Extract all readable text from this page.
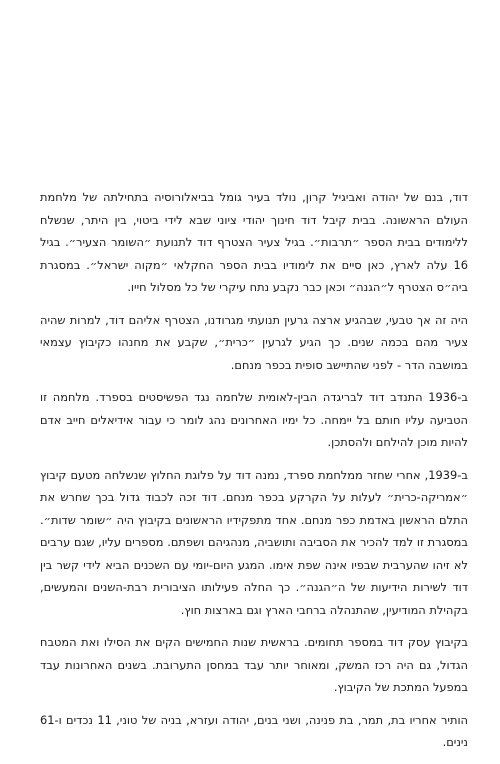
דוד, בנם של יהודה ואביגיל קרון, נולד בעיר גומל בביאלורוסיה בתחילתה של מלחמת העולם הראשונה. בבית קיבל דוד חינוך יהודי ציוני שבא לידי ביטוי, בין היתר, שנשלח ללימודים בבית הספר ״תרבות״. בגיל צעיר הצטרף דוד לתנועת ״השומר הצעיר״. בגיל 16 עלה לארץ, כאן סיים את לימודיו בבית הספר החקלאי ״מקוה ישראל״. במסגרת ביה״ס הצטרף ל״הגנה״ וכאן כבר נקבע נתח עיקרי של כל מסלול חייו.

היה זה אך טבעי, שבהגיע ארצה גרעין תנועתי מגרודנו, הצטרף אליהם דוד, למרות שהיה צעיר מהם בכמה שנים. כך הגיע לגרעין ״כרית״, שקבע את מחנהו כקיבוץ עצמאי במושבה הדר - לפני שהתיישב סופית בכפר מנחם.

ב-1936 התנדב דוד לבריגדה הבין-לאומית שלחמה נגד הפשיסטים בספרד. מלחמה זו הטביעה עליו חותם בל יימחה. כל ימיו האחרונים נהג לומר כי עבור אידיאלים חייב אדם להיות מוכן להילחם ולהסתכן.

ב-1939, אחרי שחזר ממלחמת ספרד, נמנה דוד על פלוגת החלוץ שנשלחה מטעם קיבוץ ״אמריקה-כרית״ לעלות על הקרקע בכפר מנחם. דוד זכה לכבוד גדול בכך שחרש את התלם הראשון באדמת כפר מנחם. אחד מתפקידיו הראשונים בקיבוץ היה ״שומר שדות״. במסגרת זו למד להכיר את הסביבה ותושביה, מנהגיהם ושפתם. מספרים עליו, שגם ערבים לא זיהו שהערבית שבפיו אינה שפת אימו. המגע היום-יומי עם השכנים הביא לידי קשר בין דוד לשירות הידיעות של ה״הגנה״. כך החלה פעילותו הציבורית רבת-השנים והמעשים, בקהילת המודיעין, שהתנהלה ברחבי הארץ וגם בארצות חוץ.

בקיבוץ עסק דוד במספר תחומים. בראשית שנות החמישים הקים את הסילו ואת המטבח הגדול, גם היה רכז המשק, ומאוחר יותר עבד במחסן התערובת. בשנים האחרונות עבד במפעל המתכת של הקיבוץ.

הותיר אחריו בת, תמר, בת פנינה, ושני בנים, יהודה ועזרא, בניה של טוני, 11 נכדים ו-61 נינים.
